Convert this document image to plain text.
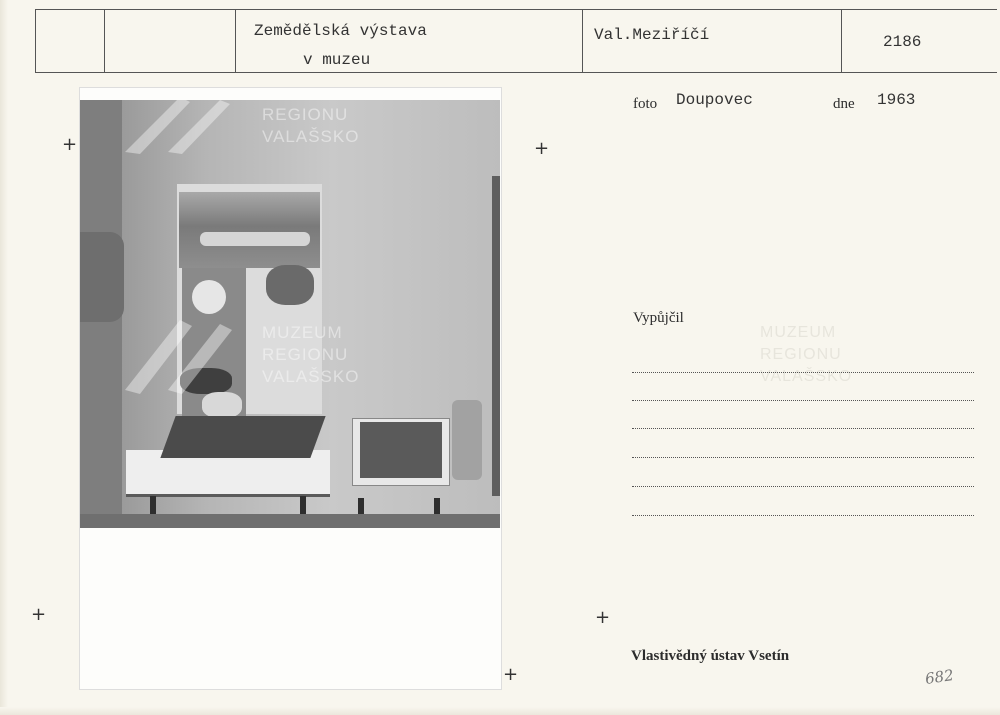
Zemědělská výstava
v muzeu
Val.Meziříčí	2186
foto Doupovec	dne 1963
+	+
+	+
+
REGIONU
VALAŠSKO
MUZEUM
REGIONU
VALAŠSKO
MUZEUM
REGIONU
VALAŠSKO
Vypůjčil
Vlastivědný ústav Vsetín
682
